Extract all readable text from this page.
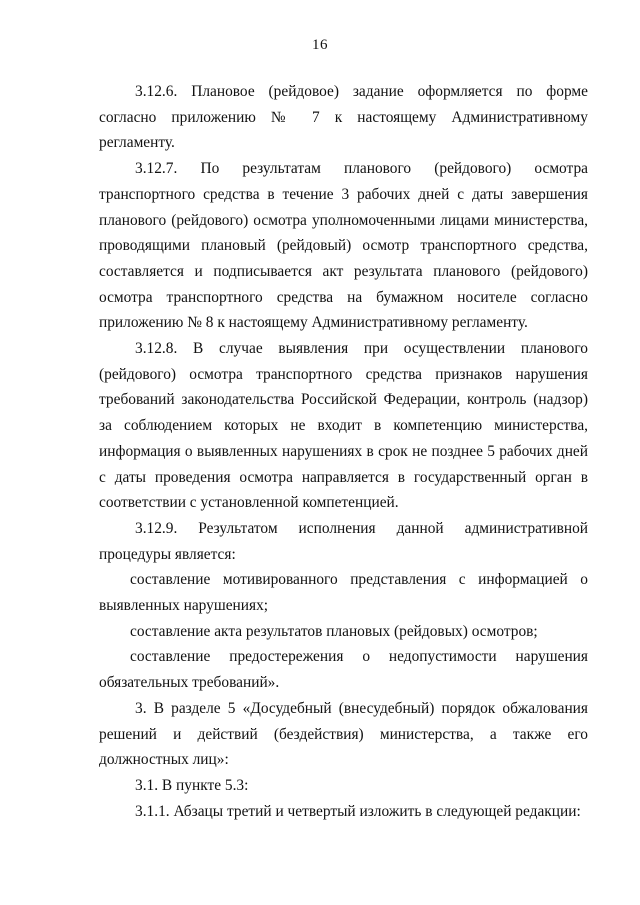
16

3.12.6. Плановое (рейдовое) задание оформляется по форме согласно приложению № 7 к настоящему Административному регламенту.

3.12.7. По результатам планового (рейдового) осмотра транспортного средства в течение 3 рабочих дней с даты завершения планового (рейдового) осмотра уполномоченными лицами министерства, проводящими плановый (рейдовый) осмотр транспортного средства, составляется и подписывается акт результата планового (рейдового) осмотра транспортного средства на бумажном носителе согласно приложению № 8 к настоящему Административному регламенту.

3.12.8. В случае выявления при осуществлении планового (рейдового) осмотра транспортного средства признаков нарушения требований законодательства Российской Федерации, контроль (надзор) за соблюдением которых не входит в компетенцию министерства, информация о выявленных нарушениях в срок не позднее 5 рабочих дней с даты проведения осмотра направляется в государственный орган в соответствии с установленной компетенцией.

3.12.9. Результатом исполнения данной административной процедуры является:

составление мотивированного представления с информацией о выявленных нарушениях;

составление акта результатов плановых (рейдовых) осмотров;

составление предостережения о недопустимости нарушения обязательных требований».

3. В разделе 5 «Досудебный (внесудебный) порядок обжалования решений и действий (бездействия) министерства, а также его должностных лиц»:

3.1. В пункте 5.3:

3.1.1. Абзацы третий и четвертый изложить в следующей редакции:
